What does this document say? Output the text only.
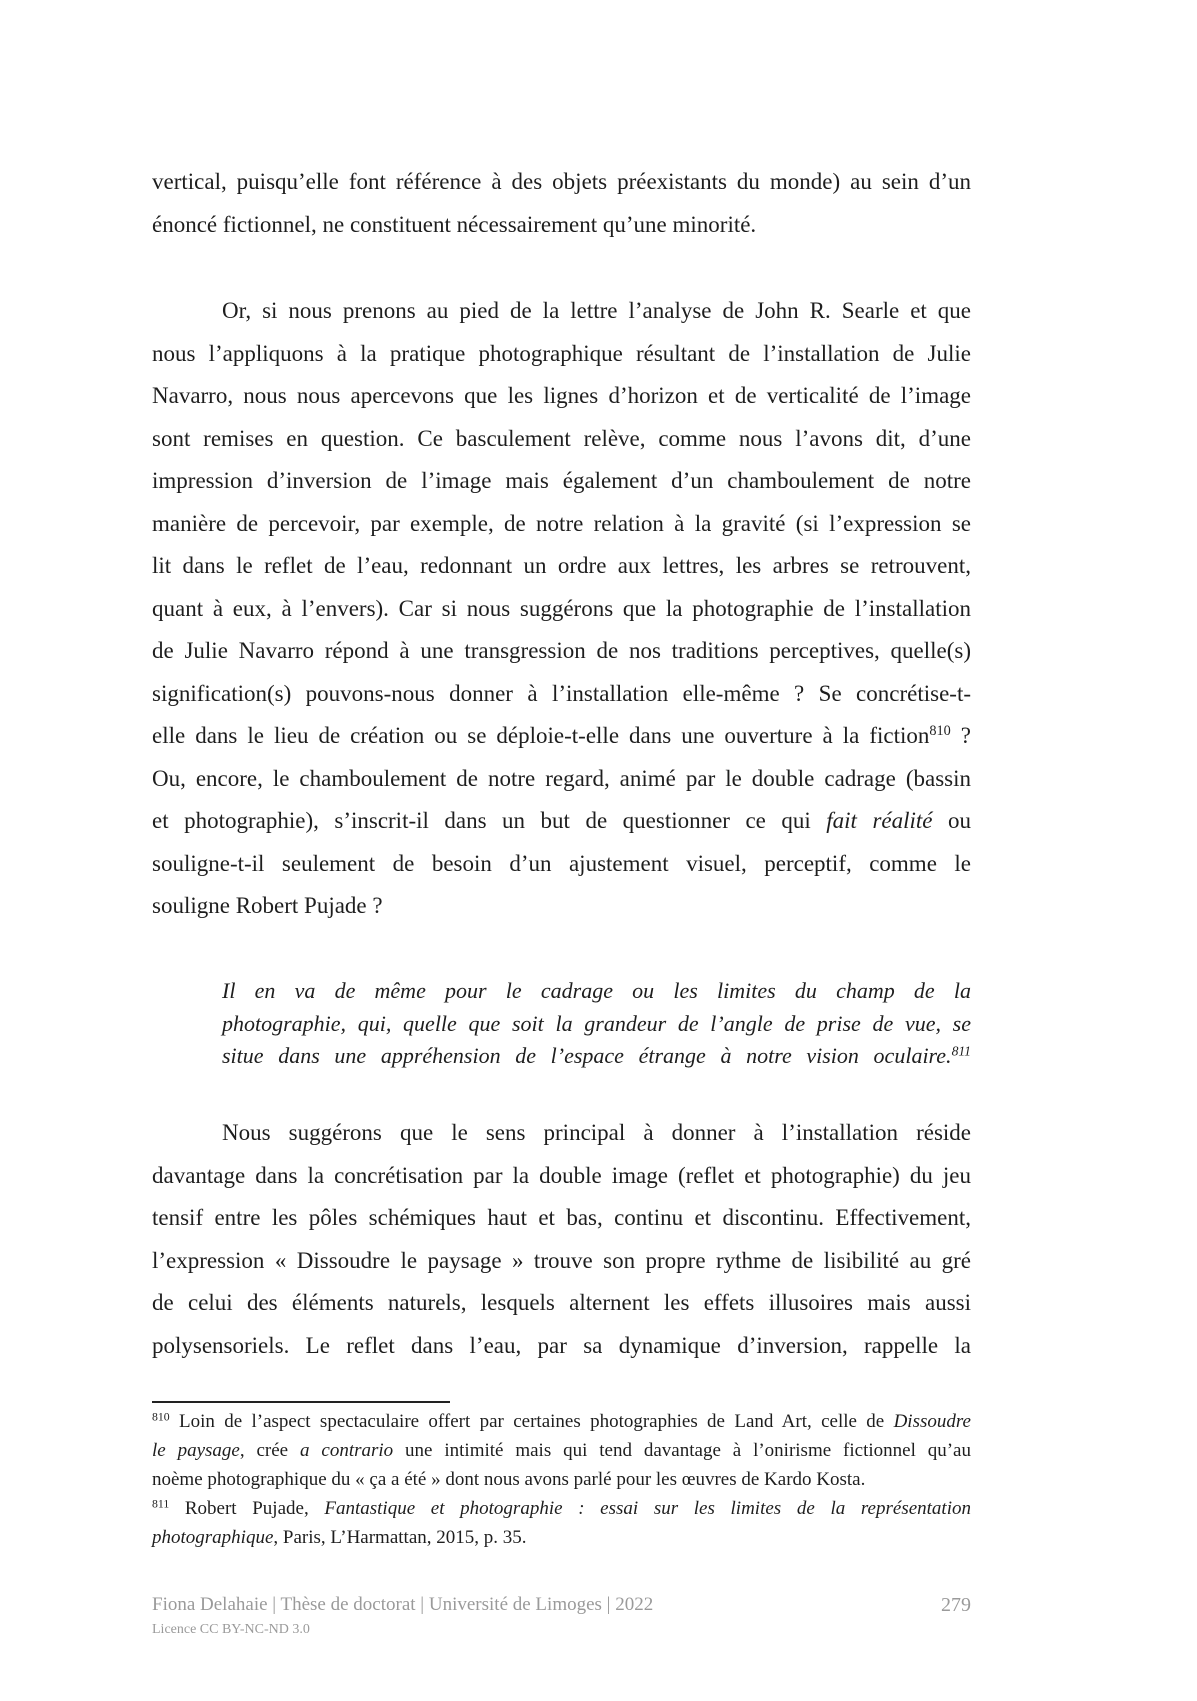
vertical, puisqu’elle font référence à des objets préexistants du monde) au sein d’un
énoncé fictionnel, ne constituent nécessairement qu’une minorité.
Or, si nous prenons au pied de la lettre l’analyse de John R. Searle et que
nous l’appliquons à la pratique photographique résultant de l’installation de Julie
Navarro, nous nous apercevons que les lignes d’horizon et de verticalité de l’image
sont remises en question. Ce basculement relève, comme nous l’avons dit, d’une
impression d’inversion de l’image mais également d’un chamboulement de notre
manière de percevoir, par exemple, de notre relation à la gravité (si l’expression se
lit dans le reflet de l’eau, redonnant un ordre aux lettres, les arbres se retrouvent,
quant à eux, à l’envers). Car si nous suggérons que la photographie de l’installation
de Julie Navarro répond à une transgression de nos traditions perceptives, quelle(s)
signification(s) pouvons-nous donner à l’installation elle-même ? Se concrétise-t-
elle dans le lieu de création ou se déploie-t-elle dans une ouverture à la fiction$^{810}$ ?
Ou, encore, le chamboulement de notre regard, animé par le double cadrage (bassin
et photographie), s’inscrit-il dans un but de questionner ce qui fait réalité ou
souligne-t-il seulement de besoin d’un ajustement visuel, perceptif, comme le
souligne Robert Pujade ?
Il en va de même pour le cadrage ou les limites du champ de la
photographie, qui, quelle que soit la grandeur de l’angle de prise de vue, se
situe dans une appréhension de l’espace étrange à notre vision oculaire.$^{811}$
Nous suggérons que le sens principal à donner à l’installation réside
davantage dans la concrétisation par la double image (reflet et photographie) du jeu
tensif entre les pôles schémiques haut et bas, continu et discontinu. Effectivement,
l’expression « Dissoudre le paysage » trouve son propre rythme de lisibilité au gré
de celui des éléments naturels, lesquels alternent les effets illusoires mais aussi
polysensoriels. Le reflet dans l’eau, par sa dynamique d’inversion, rappelle la
$^{810}$ Loin de l’aspect spectaculaire offert par certaines photographies de Land Art, celle de Dissoudre
le paysage, crée a contrario une intimité mais qui tend davantage à l’onirisme fictionnel qu’au
noème photographique du « ça a été » dont nous avons parlé pour les œuvres de Kardo Kosta.
$^{811}$ Robert Pujade, Fantastique et photographie : essai sur les limites de la représentation
photographique, Paris, L’Harmattan, 2015, p. 35.
Fiona Delahaie | Thèse de doctorat | Université de Limoges | 2022	279
Licence CC BY-NC-ND 3.0
